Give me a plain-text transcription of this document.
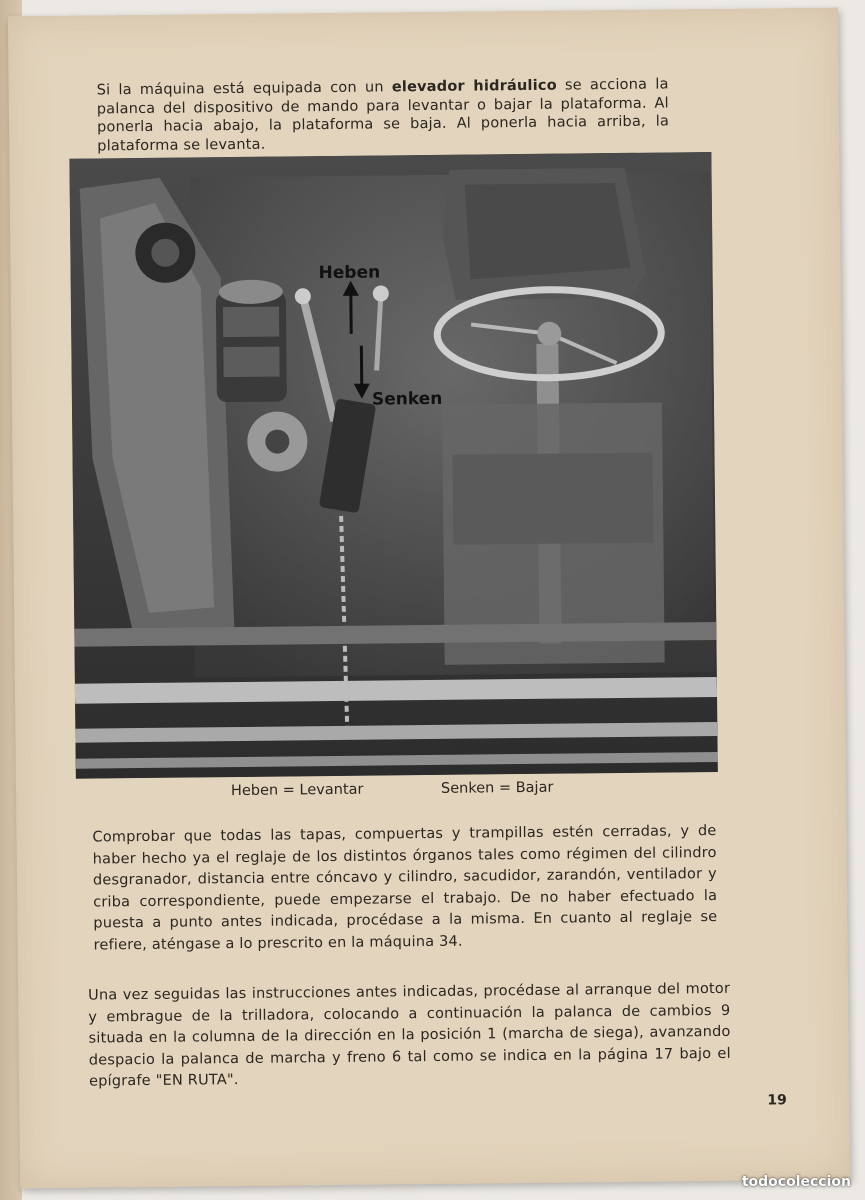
Si la máquina está equipada con un elevador hidráulico se acciona la palanca del dispositivo de mando para levantar o bajar la plataforma. Al ponerla hacia abajo, la plataforma se baja. Al ponerla hacia arriba, la plataforma se levanta.

Heben
Senken
Heben = Levantar	Senken = Bajar

Comprobar que todas las tapas, compuertas y trampillas estén cerradas, y de haber hecho ya el reglaje de los distintos órganos tales como régimen del cilindro desgranador, distancia entre cóncavo y cilindro, sacudidor, zarandón, ventilador y criba correspondiente, puede empezarse el trabajo. De no haber efectuado la puesta a punto antes indicada, procédase a la misma. En cuanto al reglaje se refiere, aténgase a lo prescrito en la máquina 34.

Una vez seguidas las instrucciones antes indicadas, procédase al arranque del motor y embrague de la trilladora, colocando a continuación la palanca de cambios 9 situada en la columna de la dirección en la posición 1 (marcha de siega), avanzando despacio la palanca de marcha y freno 6 tal como se indica en la página 17 bajo el epígrafe "EN RUTA".

19
todocoleccion
